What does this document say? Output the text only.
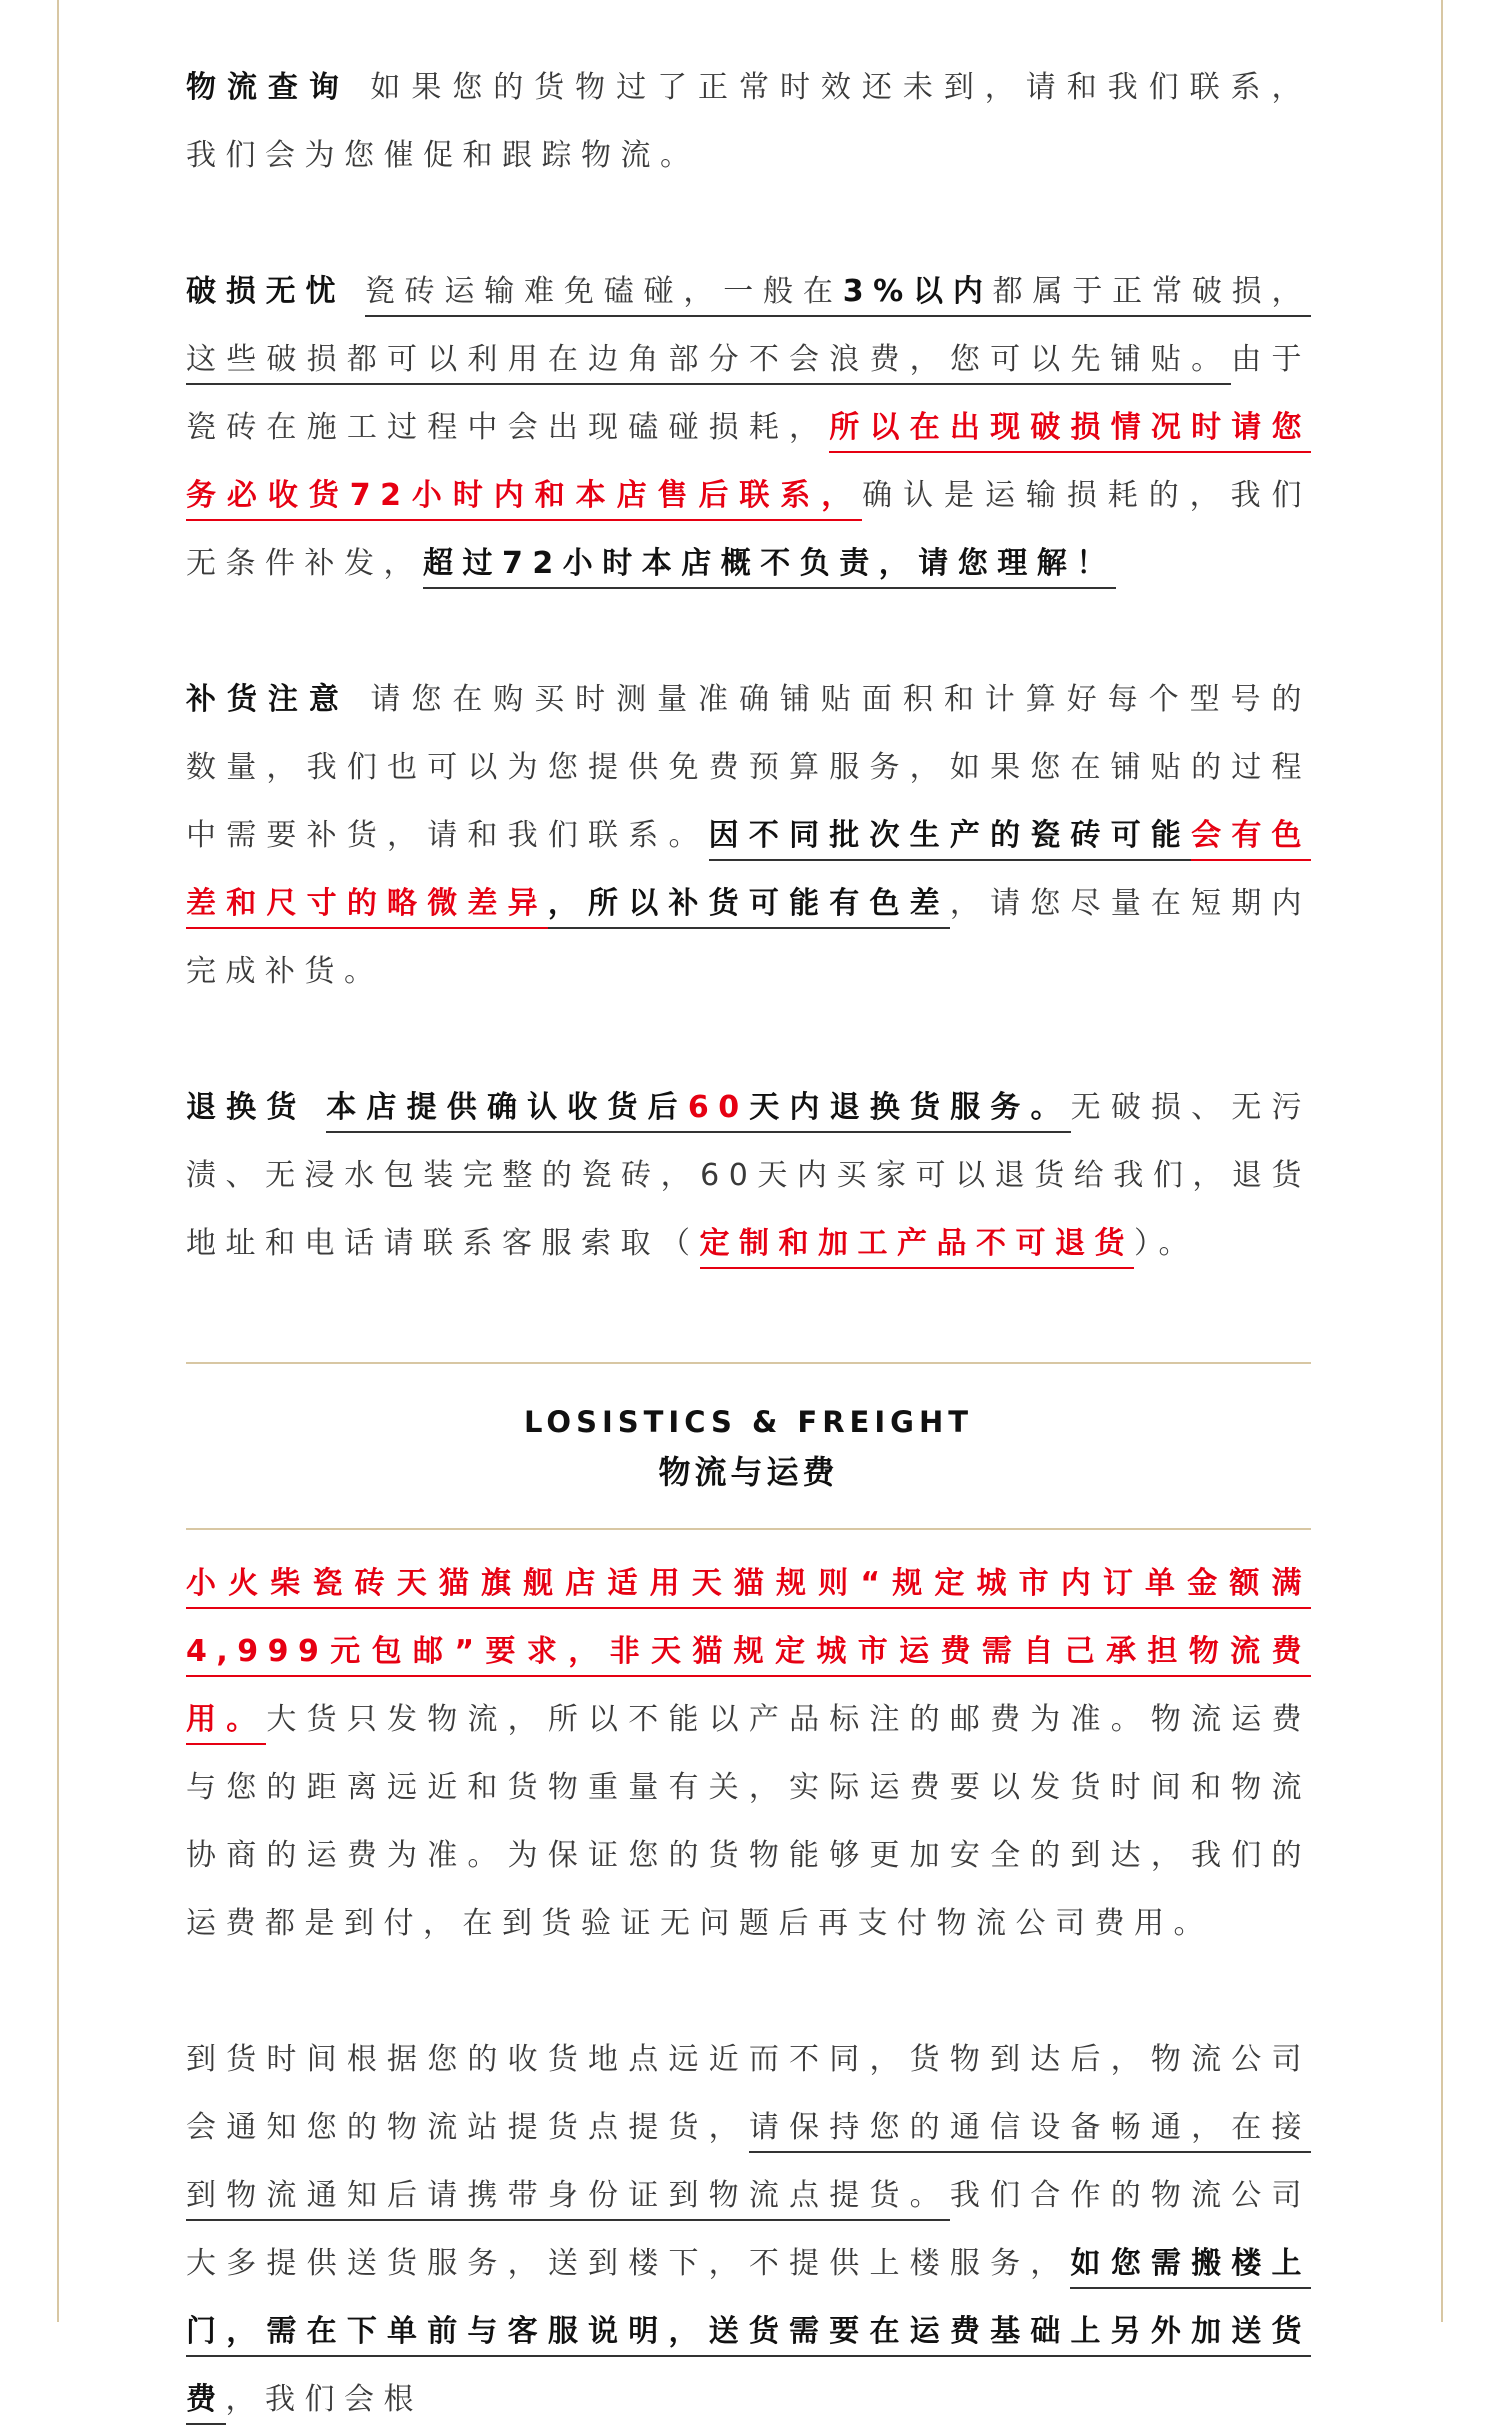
物流查询 如果您的货物过了正常时效还未到，请和我们联系，我们会为您催促和跟踪物流。
破损无忧 瓷砖运输难免磕碰，一般在3%以内都属于正常破损，这些破损都可以利用在边角部分不会浪费，您可以先铺贴。由于瓷砖在施工过程中会出现磕碰损耗，所以在出现破损情况时请您务必收货72小时内和本店售后联系，确认是运输损耗的，我们无条件补发，超过72小时本店概不负责，请您理解！
补货注意 请您在购买时测量准确铺贴面积和计算好每个型号的数量，我们也可以为您提供免费预算服务，如果您在铺贴的过程中需要补货，请和我们联系。因不同批次生产的瓷砖可能会有色差和尺寸的略微差异，所以补货可能有色差，请您尽量在短期内完成补货。
退换货 本店提供确认收货后60天内退换货服务。无破损、无污渍、无浸水包装完整的瓷砖，60天内买家可以退货给我们，退货地址和电话请联系客服索取（定制和加工产品不可退货）。
LOSISTICS & FREIGHT
物流与运费
小火柴瓷砖天猫旗舰店适用天猫规则“规定城市内订单金额满4,999元包邮”要求，非天猫规定城市运费需自己承担物流费用。大货只发物流，所以不能以产品标注的邮费为准。物流运费与您的距离远近和货物重量有关，实际运费要以发货时间和物流协商的运费为准。为保证您的货物能够更加安全的到达，我们的运费都是到付，在到货验证无问题后再支付物流公司费用。
到货时间根据您的收货地点远近而不同，货物到达后，物流公司会通知您的物流站提货点提货，请保持您的通信设备畅通，在接到物流通知后请携带身份证到物流点提货。我们合作的物流公司大多提供送货服务，送到楼下，不提供上楼服务，如您需搬楼上门，需在下单前与客服说明，送货需要在运费基础上另外加送货费，我们会根
